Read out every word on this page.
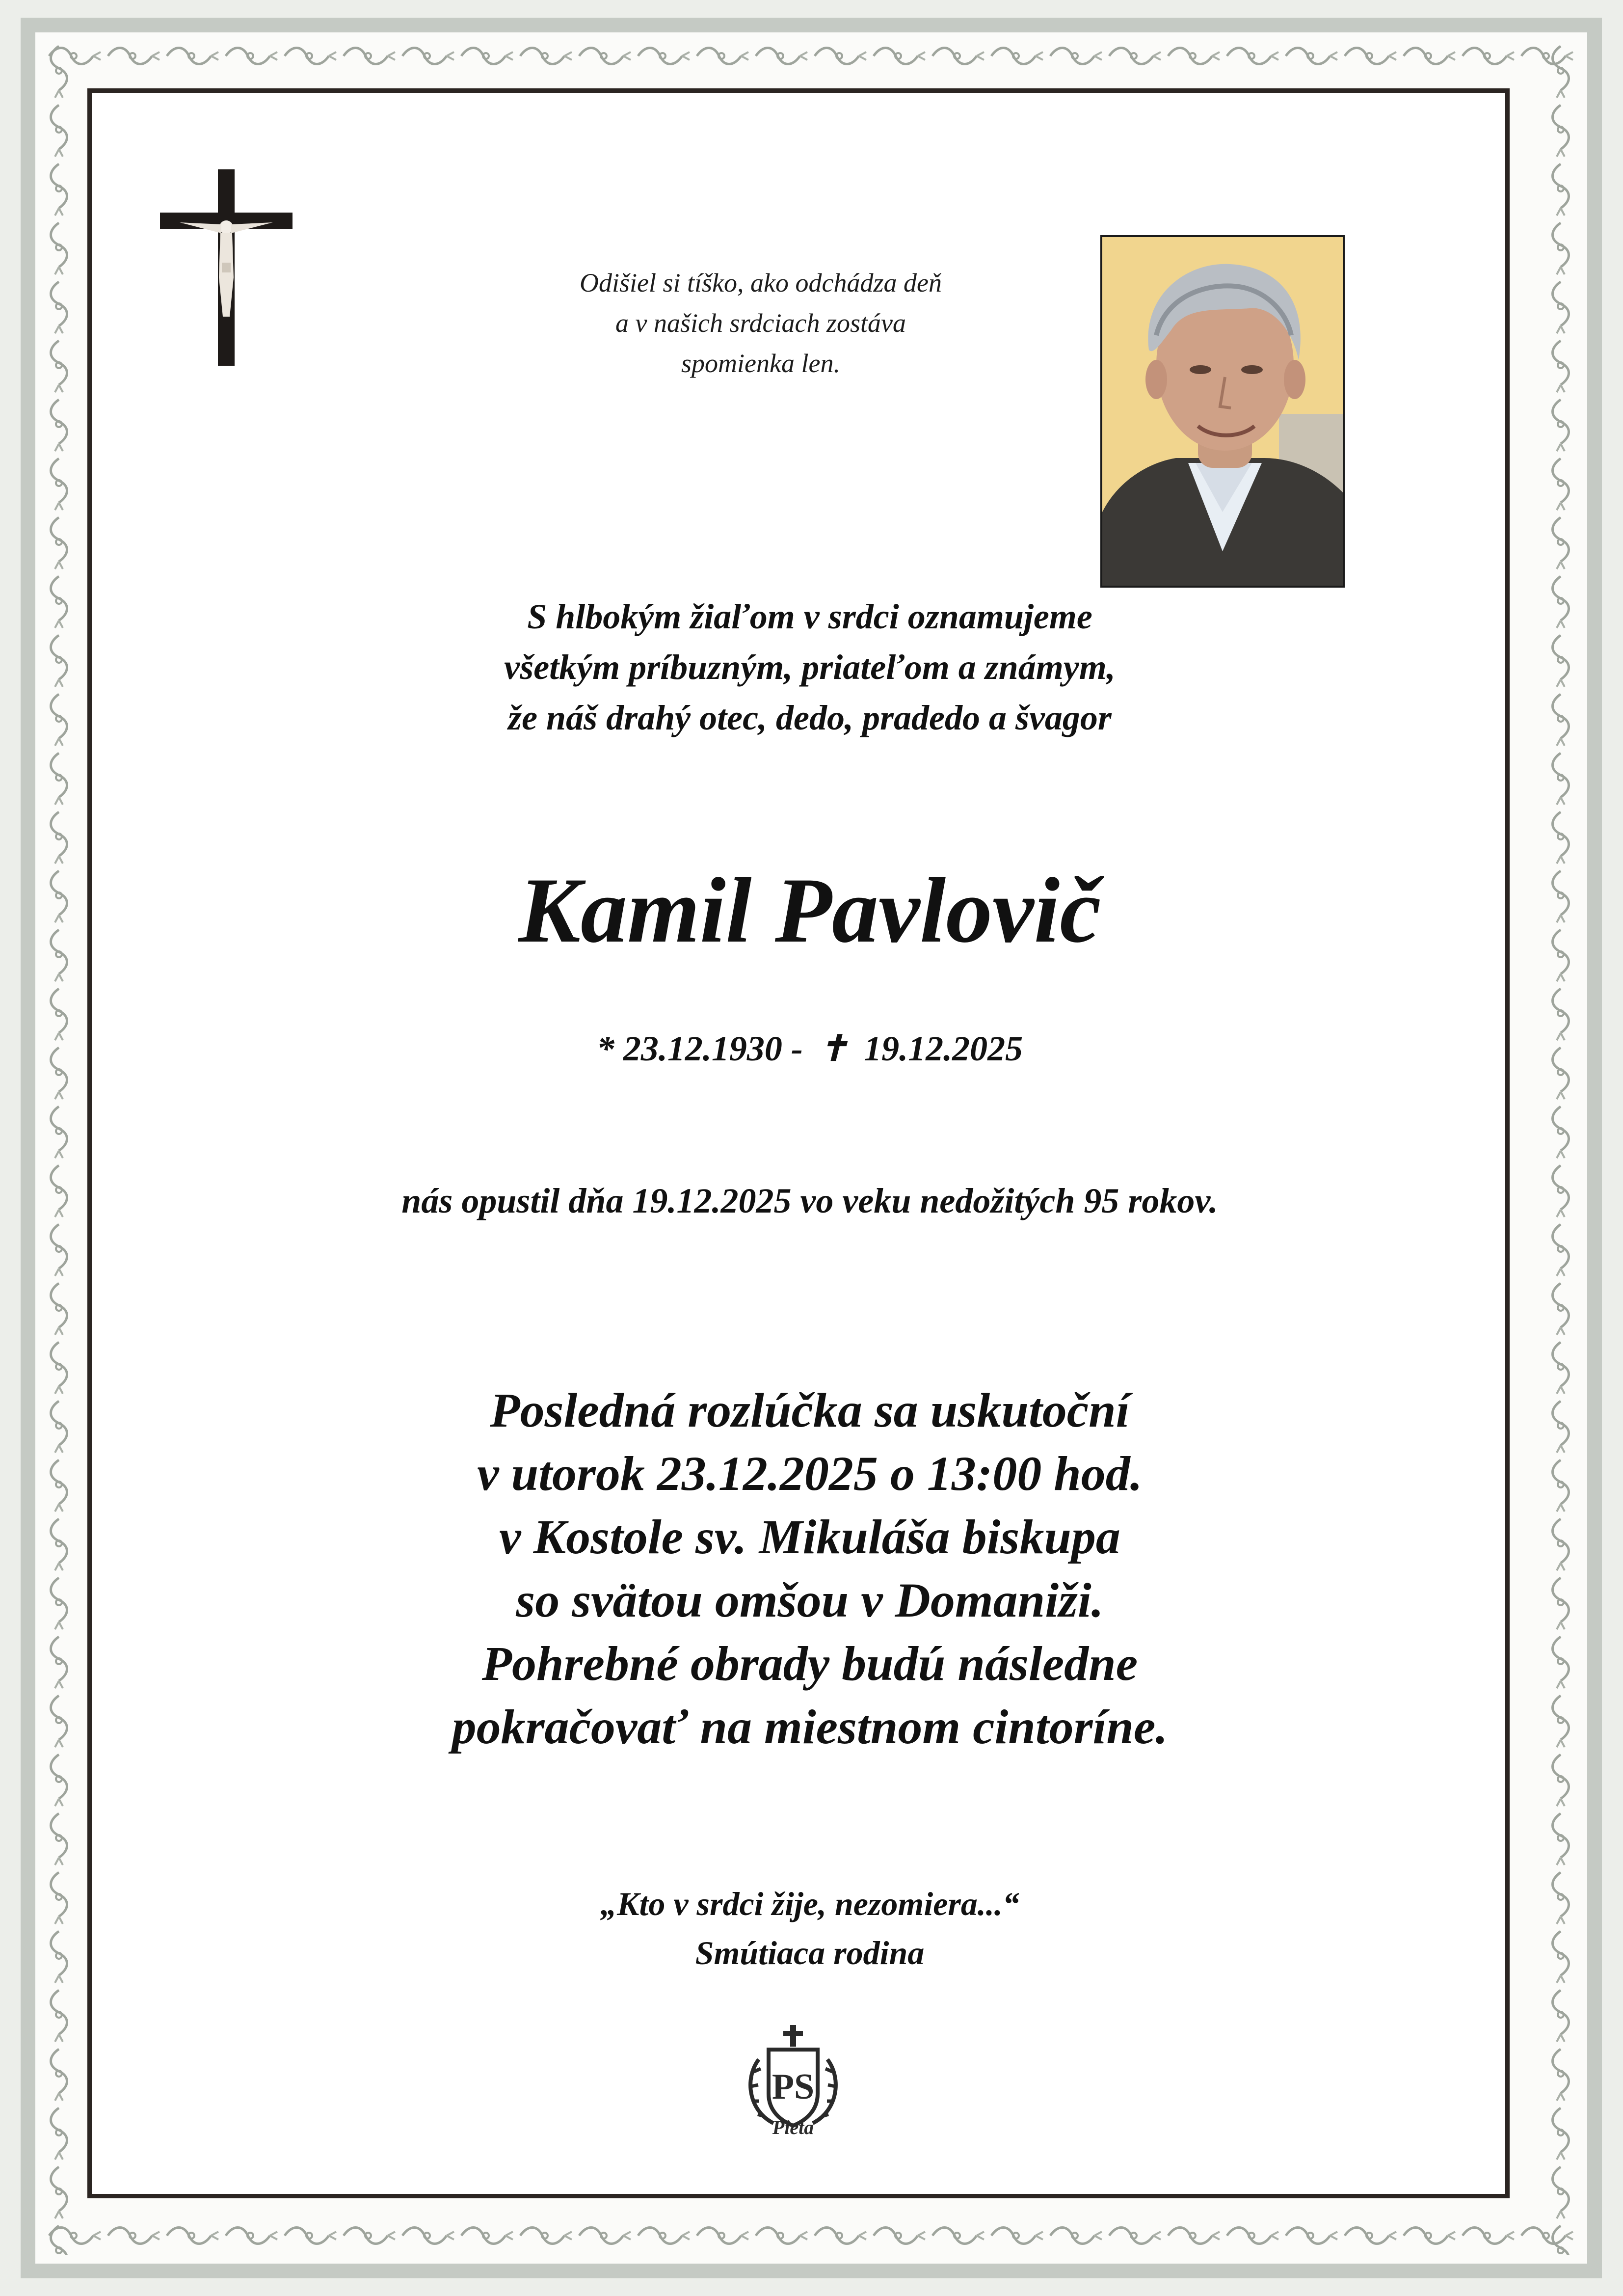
Odišiel si tíško, ako odchádza deň
a v našich srdciach zostáva
spomienka len.
S hlbokým žiaľom v srdci oznamujeme
všetkým príbuzným, priateľom a známym,
že náš drahý otec, dedo, pradedo a švagor
Kamil Pavlovič
* 23.12.1930 - ✝ 19.12.2025
nás opustil dňa 19.12.2025 vo veku nedožitých 95 rokov.
Posledná rozlúčka sa uskutoční
v utorok 23.12.2025 o 13:00 hod.
v Kostole sv. Mikuláša biskupa
so svätou omšou v Domaniži.
Pohrebné obrady budú následne
pokračovať na miestnom cintoríne.
„Kto v srdci žije, nezomiera...“
Smútiaca rodina
PS
Pieta
